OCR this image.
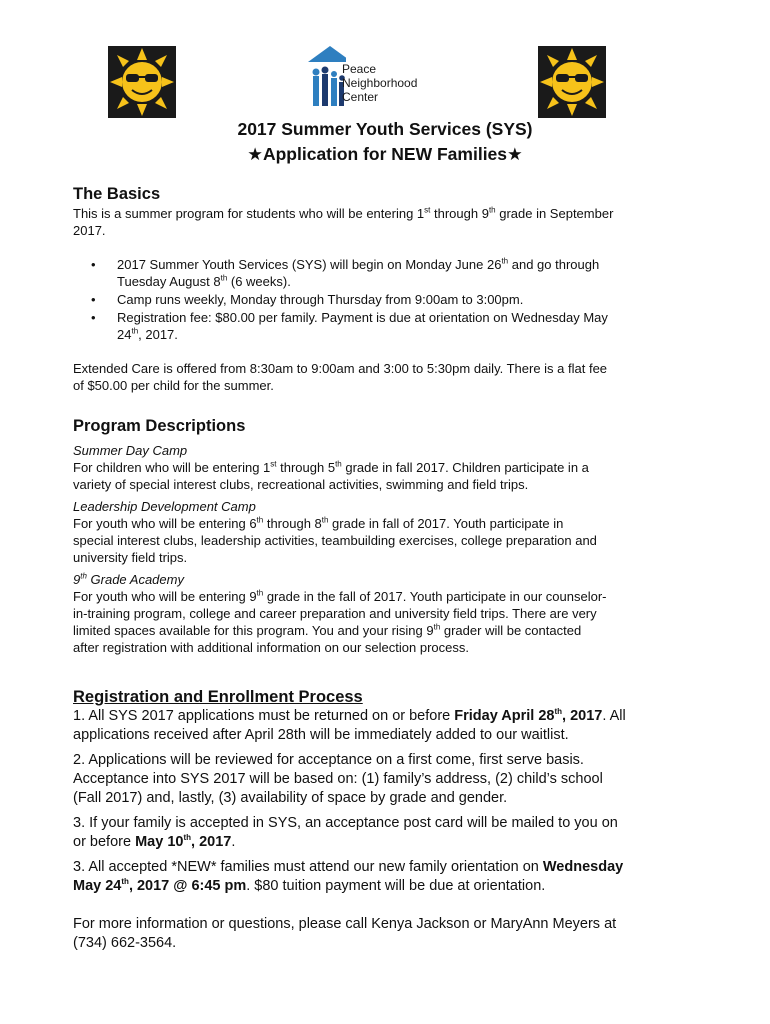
Peace
Neighborhood
Center
2017 Summer Youth Services (SYS)
★Application for NEW Families★
The Basics
This is a summer program for students who will be entering 1st through 9th grade in September
2017.
• 2017 Summer Youth Services (SYS) will begin on Monday June 26th and go through
Tuesday August 8th (6 weeks).
• Camp runs weekly, Monday through Thursday from 9:00am to 3:00pm.
• Registration fee: $80.00 per family. Payment is due at orientation on Wednesday May
24th, 2017.
Extended Care is offered from 8:30am to 9:00am and 3:00 to 5:30pm daily. There is a flat fee
of $50.00 per child for the summer.
Program Descriptions
Summer Day Camp
For children who will be entering 1st through 5th grade in fall 2017. Children participate in a
variety of special interest clubs, recreational activities, swimming and field trips.
Leadership Development Camp
For youth who will be entering 6th through 8th grade in fall of 2017. Youth participate in
special interest clubs, leadership activities, teambuilding exercises, college preparation and
university field trips.
9th Grade Academy
For youth who will be entering 9th grade in the fall of 2017. Youth participate in our counselor-
in-training program, college and career preparation and university field trips. There are very
limited spaces available for this program. You and your rising 9th grader will be contacted
after registration with additional information on our selection process.
Registration and Enrollment Process
1. All SYS 2017 applications must be returned on or before Friday April 28th, 2017. All
applications received after April 28th will be immediately added to our waitlist.
2. Applications will be reviewed for acceptance on a first come, first serve basis.
Acceptance into SYS 2017 will be based on: (1) family’s address, (2) child’s school
(Fall 2017) and, lastly, (3) availability of space by grade and gender.
3. If your family is accepted in SYS, an acceptance post card will be mailed to you on
or before May 10th, 2017.
3. All accepted *NEW* families must attend our new family orientation on Wednesday
May 24th, 2017 @ 6:45 pm. $80 tuition payment will be due at orientation.
For more information or questions, please call Kenya Jackson or MaryAnn Meyers at
(734) 662-3564.
